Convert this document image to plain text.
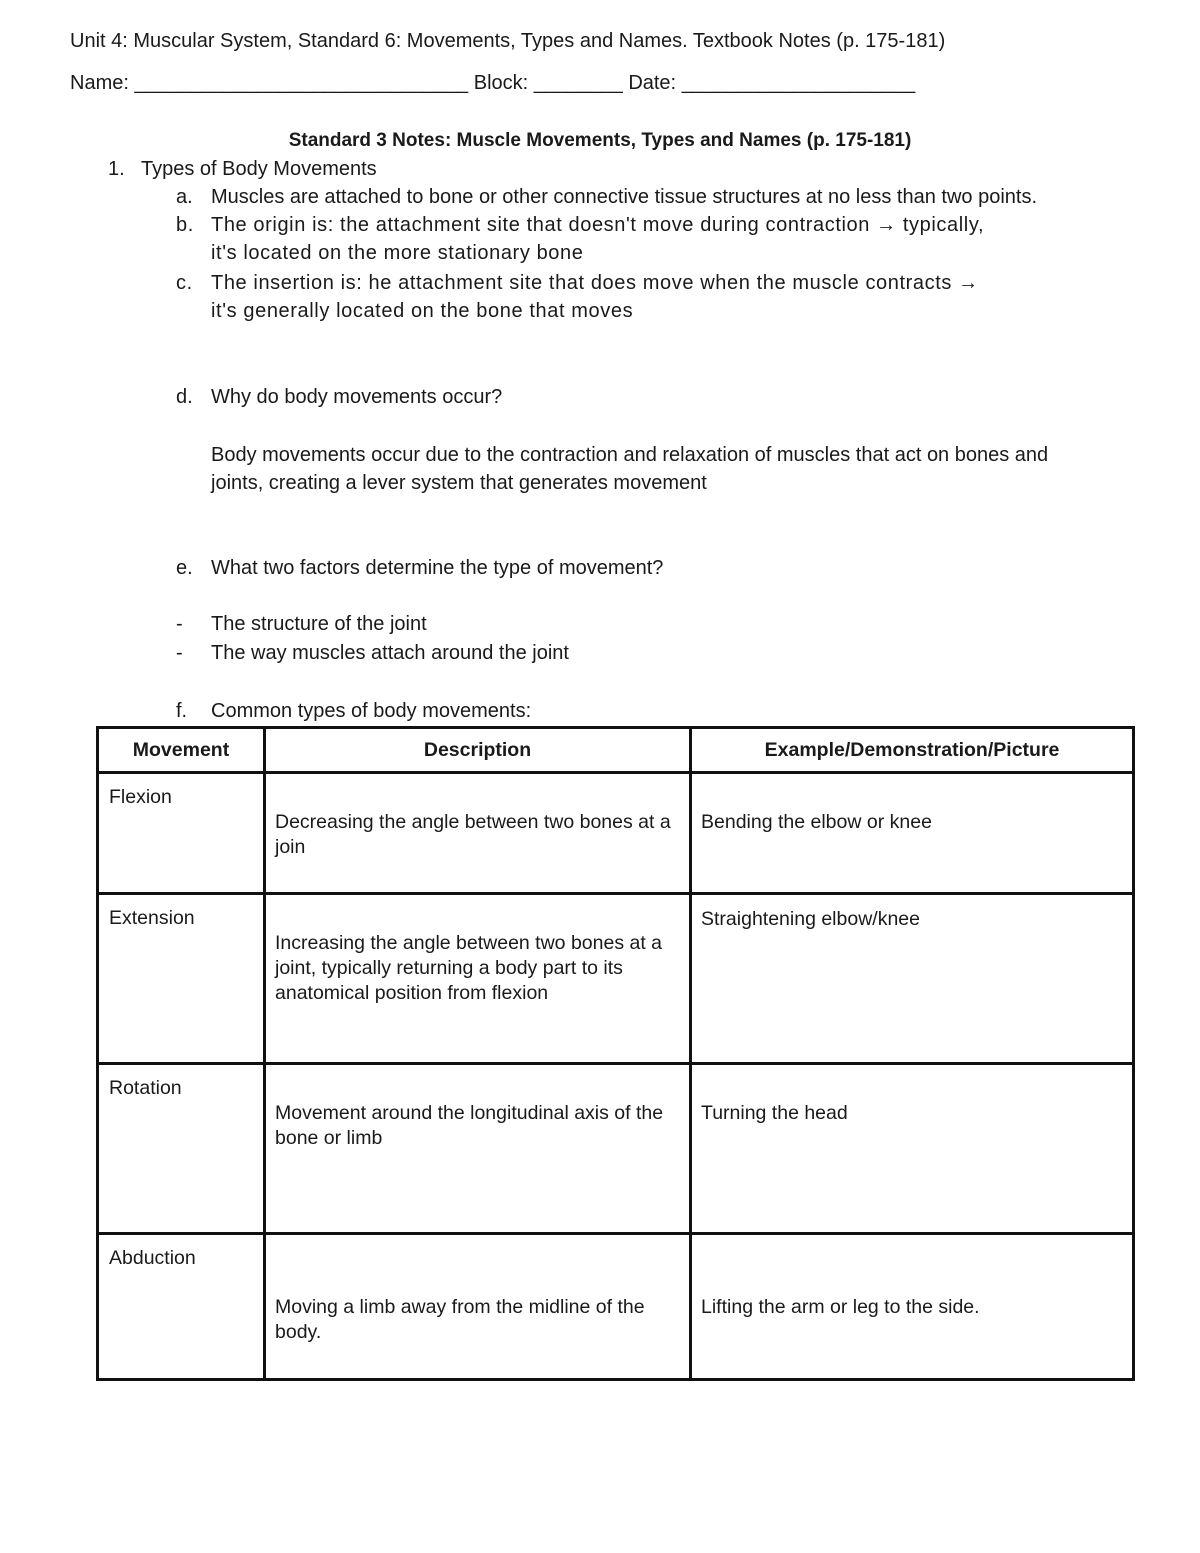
Unit 4: Muscular System, Standard 6: Movements, Types and Names. Textbook Notes (p. 175-181)
Name: ______________________________ Block: ________ Date: _____________________
Standard 3 Notes: Muscle Movements, Types and Names (p. 175-181)
1. Types of Body Movements
a. Muscles are attached to bone or other connective tissue structures at no less than two points.
b. The origin is: the attachment site that doesn't move during contraction → typically,
it's located on the more stationary bone
c. The insertion is: he attachment site that does move when the muscle contracts →
it's generally located on the bone that moves
d. Why do body movements occur?
Body movements occur due to the contraction and relaxation of muscles that act on bones and
joints, creating a lever system that generates movement
e. What two factors determine the type of movement?
- The structure of the joint
- The way muscles attach around the joint
f. Common types of body movements:
Movement	Description	Example/Demonstration/Picture

Flexion	Decreasing the angle between two bones at a join	Bending the elbow or knee

Extension	Increasing the angle between two bones at a joint, typically returning a body part to its anatomical position from flexion	Straightening elbow/knee

Rotation	Movement around the longitudinal axis of the bone or limb	Turning the head

Abduction	Moving a limb away from the midline of the body.	Lifting the arm or leg to the side.
